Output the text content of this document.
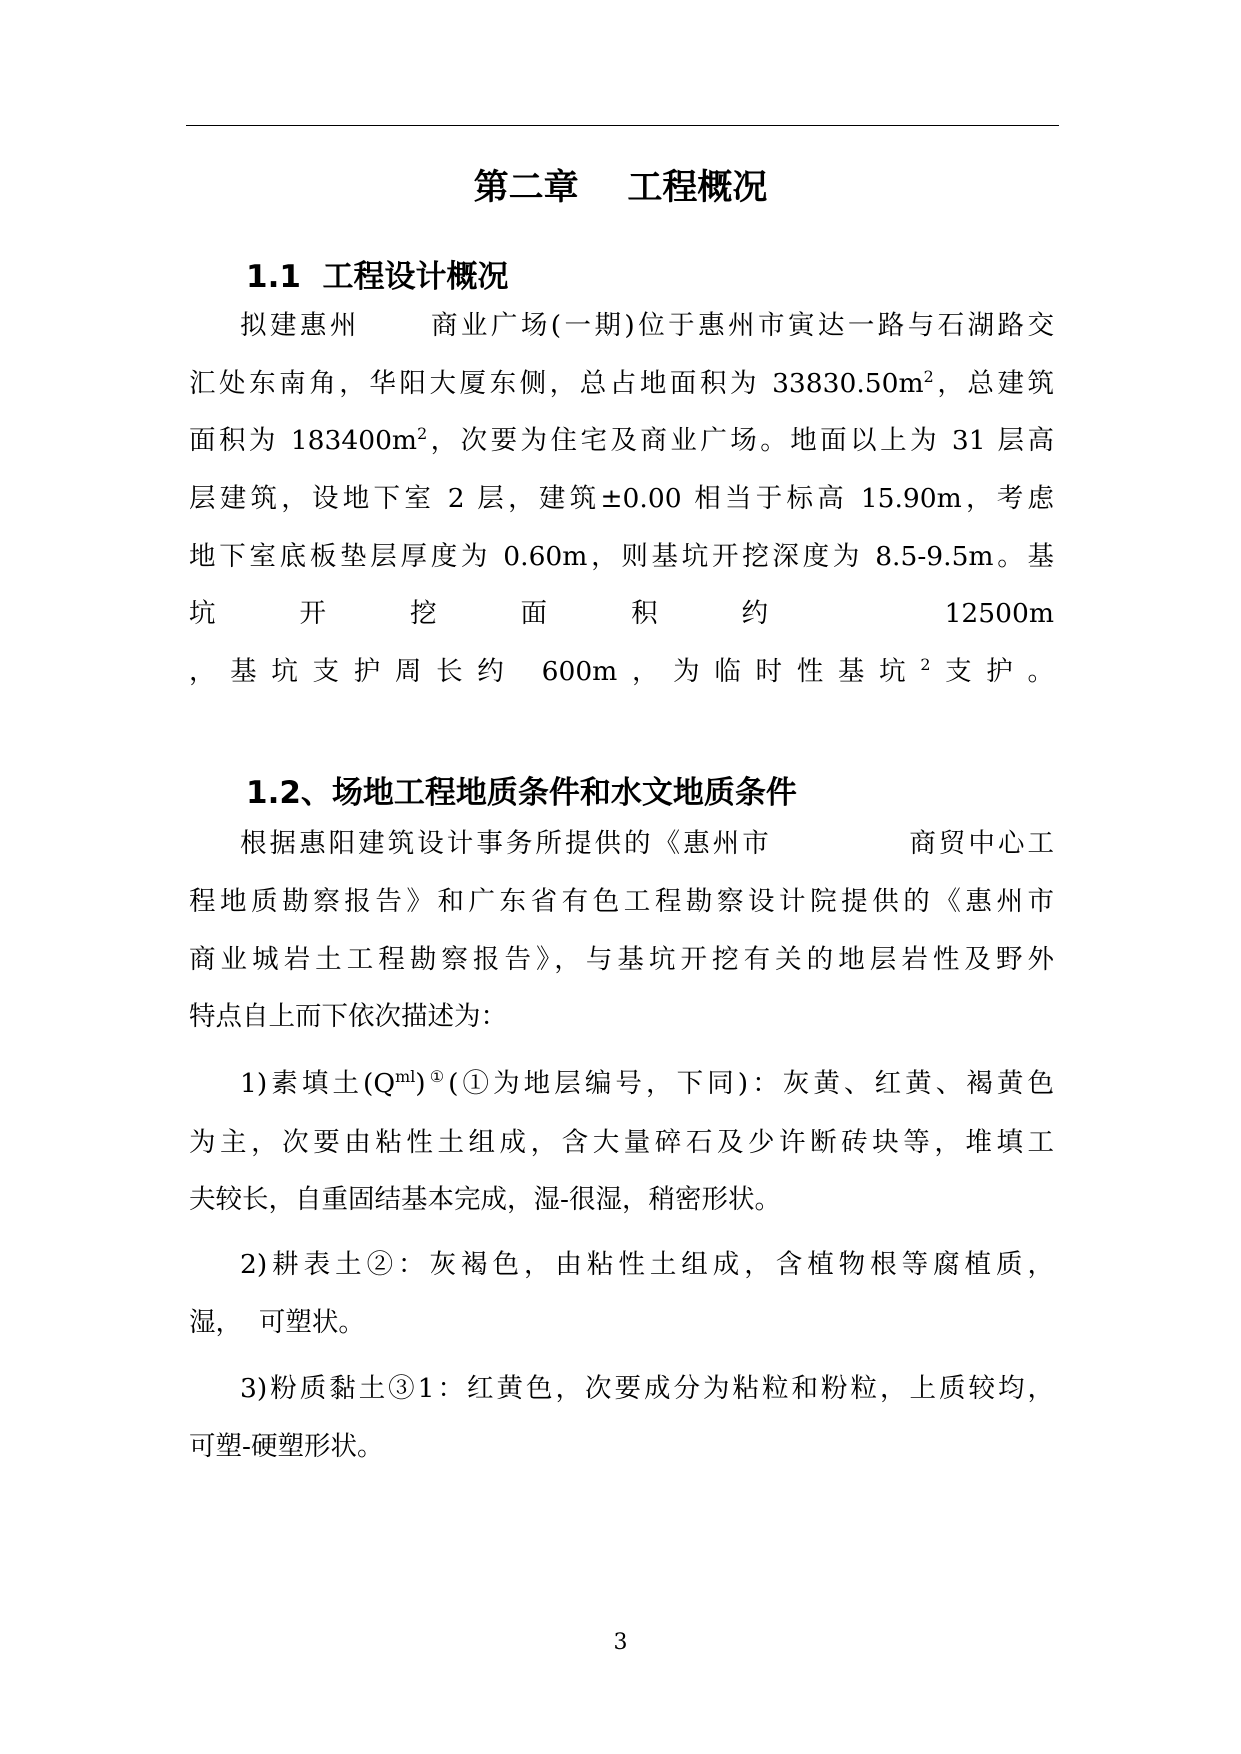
第二章    工程概况
1.1  工程设计概况
拟建惠州      商业广场(一期)位于惠州市寅达一路与石湖路交
汇处东南角，华阳大厦东侧，总占地面积为 $33830.50m^2$，总建筑
面积为 $183400m^2$，次要为住宅及商业广场。地面以上为 31 层高
层建筑，设地下室 2 层，建筑±0.00 相当于标高 15.90m，考虑
地下室底板垫层厚度为 0.60m，则基坑开挖深度为 8.5-9.5m。基
坑开挖面积约 12500m
，基坑支护周长约 600m，为临时性基坑$^2$支护。
1.2、场地工程地质条件和水文地质条件
根据惠阳建筑设计事务所提供的《惠州市            商贸中心工
程地质勘察报告》和广东省有色工程勘察设计院提供的《惠州市
商业城岩土工程勘察报告》，与基坑开挖有关的地层岩性及野外
特点自上而下依次描述为：
1)素填土$(Q^{ml})^①(①$为地层编号，下同)：灰黄、红黄、褐黄色
为主，次要由粘性土组成，含大量碎石及少许断砖块等，堆填工
夫较长，自重固结基本完成，湿-很湿，稍密形状。
2)耕表土②：灰褐色，由粘性土组成，含植物根等腐植质，
湿，  可塑状。
3)粉质黏土③1：红黄色，次要成分为粘粒和粉粒，上质较均，
可塑-硬塑形状。
3
